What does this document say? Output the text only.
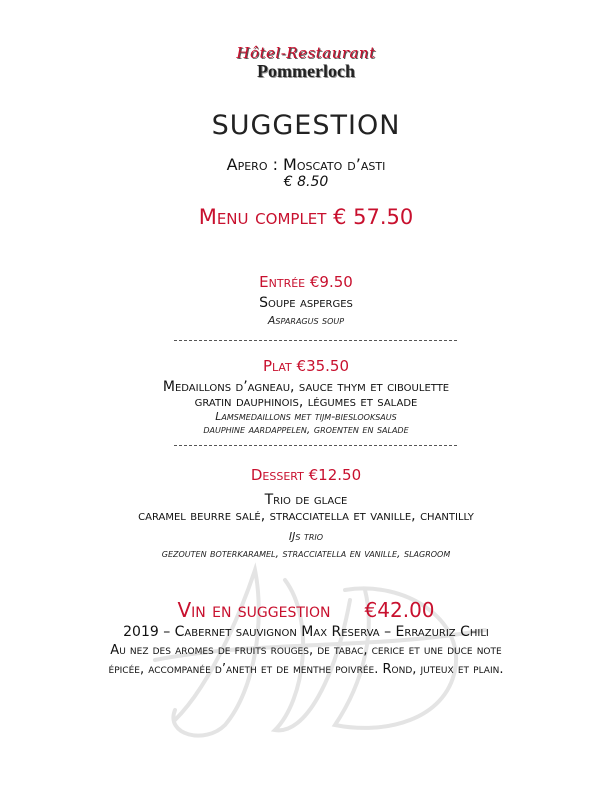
Hôtel-Restaurant
Pommerloch
SUGGESTION
Apero : Moscato d’asti
€ 8.50
Menu complet € 57.50
Entrée €9.50
Soupe asperges
Asparagus soup
Plat €35.50
Medaillons d’agneau, sauce thym et ciboulette
gratin dauphinois, légumes et salade
Lamsmedaillons met tijm-bieslooksaus
dauphine aardappelen, groenten en salade
Dessert €12.50
Trio de glace
caramel beurre salé, stracciatella et vanille, chantilly
IJs trio
gezouten boterkaramel, stracciatella en vanille, slagroom
Vin en suggestion €42.00
2019 – Cabernet sauvignon Max Reserva – Errazuriz Chili
Au nez des aromes de fruits rouges, de tabac, cerice et une duce note
épicée, accompanée d’aneth et de menthe poivrée. Rond, juteux et plain.
